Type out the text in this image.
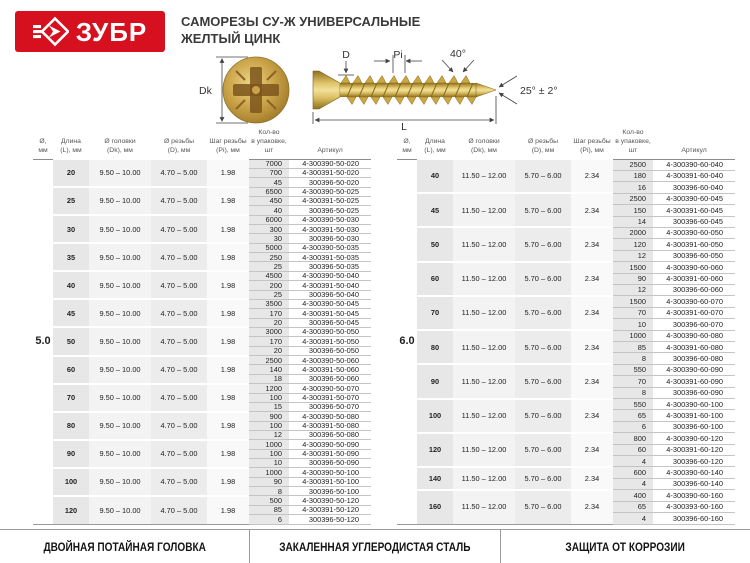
ЗУБР	САМОРЕЗЫ СУ-Ж УНИВЕРСАЛЬНЫЕ
ЖЕЛТЫЙ ЦИНК
Dk
D	Pi	40°
25° ± 2°
L
Ø,
мм

Длина
(L), мм

Ø головки
(Dk), мм

Ø резьбы
(D), мм

Шаг резьбы
(Pi), мм

Кол-во
в упаковке, шт	Артикул

5.0	20	9.50 – 10.00	4.70 – 5.00	1.98	7000	4-300390-50-020
					700	4-300391-50-020
					45	300396-50-020
	25	9.50 – 10.00	4.70 – 5.00	1.98	6500	4-300390-50-025
					450	4-300391-50-025
					40	300396-50-025
	30	9.50 – 10.00	4.70 – 5.00	1.98	6000	4-300390-50-030
					300	4-300391-50-030
					30	300396-50-030
	35	9.50 – 10.00	4.70 – 5.00	1.98	5000	4-300390-50-035
					250	4-300391-50-035
					25	300396-50-035
	40	9.50 – 10.00	4.70 – 5.00	1.98	4500	4-300390-50-040
					200	4-300391-50-040
					25	300396-50-040
	45	9.50 – 10.00	4.70 – 5.00	1.98	3500	4-300390-50-045
					170	4-300391-50-045
					20	300396-50-045
	50	9.50 – 10.00	4.70 – 5.00	1.98	3000	4-300390-50-050
					170	4-300391-50-050
					20	300396-50-050
	60	9.50 – 10.00	4.70 – 5.00	1.98	2500	4-300390-50-060
					140	4-300391-50-060
					18	300396-50-060
	70	9.50 – 10.00	4.70 – 5.00	1.98	1200	4-300390-50-070
					100	4-300391-50-070
					15	300396-50-070
	80	9.50 – 10.00	4.70 – 5.00	1.98	900	4-300390-50-080
					100	4-300391-50-080
					12	300396-50-080
	90	9.50 – 10.00	4.70 – 5.00	1.98	1000	4-300390-50-090
					100	4-300391-50-090
					10	300396-50-090
	100	9.50 – 10.00	4.70 – 5.00	1.98	1000	4-300390-50-100
					90	4-300391-50-100
					8	300396-50-100
	120	9.50 – 10.00	4.70 – 5.00	1.98	500	4-300390-50-120
					85	4-300391-50-120
					6	300396-50-120
Ø,
мм

Длина
(L), мм

Ø головки
(Dk), мм

Ø резьбы
(D), мм

Шаг резьбы
(Pi), мм

Кол-во
в упаковке, шт	Артикул

6.0	40	11.50 – 12.00	5.70 – 6.00	2.34	2500	4-300390-60-040
					180	4-300391-60-040
					16	300396-60-040
	45	11.50 – 12.00	5.70 – 6.00	2.34	2500	4-300390-60-045
					150	4-300391-60-045
					14	300396-60-045
	50	11.50 – 12.00	5.70 – 6.00	2.34	2000	4-300390-60-050
					120	4-300391-60-050
					12	300396-60-050
	60	11.50 – 12.00	5.70 – 6.00	2.34	1500	4-300390-60-060
					90	4-300391-60-060
					12	300396-60-060
	70	11.50 – 12.00	5.70 – 6.00	2.34	1500	4-300390-60-070
					70	4-300391-60-070
					10	300396-60-070
	80	11.50 – 12.00	5.70 – 6.00	2.34	1000	4-300390-60-080
					85	4-300391-60-080
					8	300396-60-080
	90	11.50 – 12.00	5.70 – 6.00	2.34	550	4-300390-60-090
					70	4-300391-60-090
					8	300396-60-090
	100	11.50 – 12.00	5.70 – 6.00	2.34	550	4-300390-60-100
					65	4-300391-60-100
					6	300396-60-100
	120	11.50 – 12.00	5.70 – 6.00	2.34	800	4-300390-60-120
					60	4-300391-60-120
					4	300396-60-120
	140	11.50 – 12.00	5.70 – 6.00	2.34	600	4-300390-60-140
					4	300396-60-140
	160	11.50 – 12.00	5.70 – 6.00	2.34	400	4-300390-60-160
					65	4-300393-60-160
					4	300396-60-160
ДВОЙНАЯ ПОТАЙНАЯ ГОЛОВКА	ЗАКАЛЕННАЯ УГЛЕРОДИСТАЯ СТАЛЬ	ЗАЩИТА ОТ КОРРОЗИИ
